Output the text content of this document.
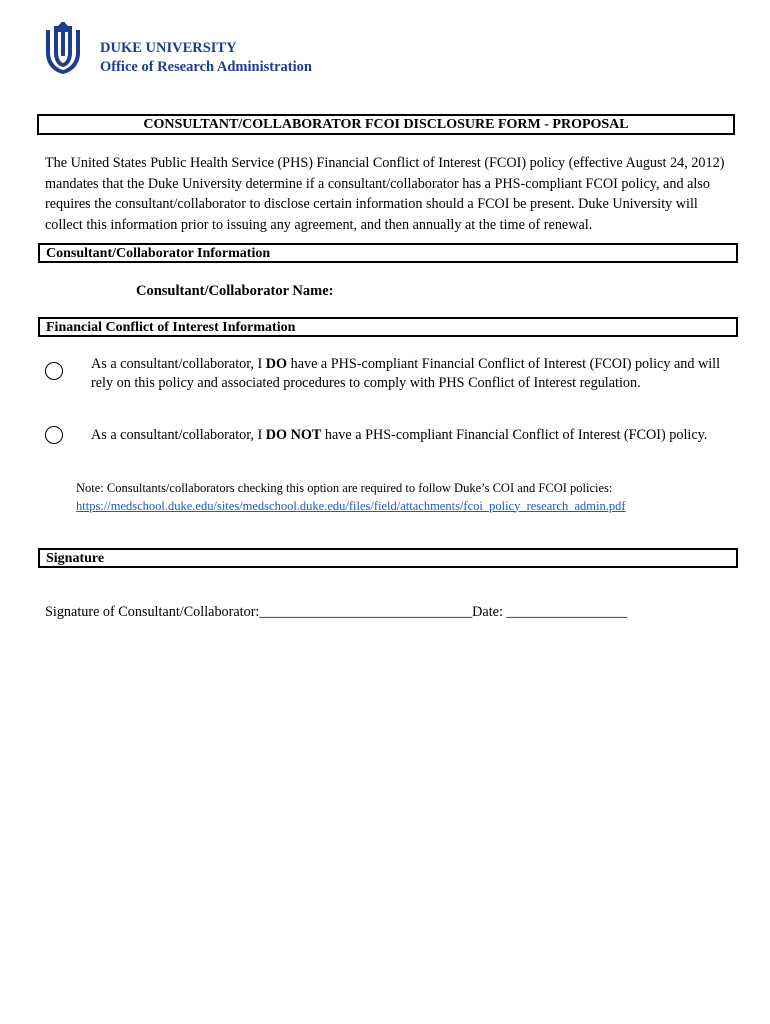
DUKE UNIVERSITY
Office of Research Administration
CONSULTANT/COLLABORATOR FCOI DISCLOSURE FORM - PROPOSAL
The United States Public Health Service (PHS) Financial Conflict of Interest (FCOI) policy (effective August 24, 2012) mandates that the Duke University determine if a consultant/collaborator has a PHS-compliant FCOI policy, and also requires the consultant/collaborator to disclose certain information should a FCOI be present. Duke University will collect this information prior to issuing any agreement, and then annually at the time of renewal.
Consultant/Collaborator Information
Consultant/Collaborator Name:
Financial Conflict of Interest Information
As a consultant/collaborator, I DO have a PHS-compliant Financial Conflict of Interest (FCOI) policy and will rely on this policy and associated procedures to comply with PHS Conflict of Interest regulation.
As a consultant/collaborator, I DO NOT have a PHS-compliant Financial Conflict of Interest (FCOI) policy.
Note: Consultants/collaborators checking this option are required to follow Duke’s COI and FCOI policies:
https://medschool.duke.edu/sites/medschool.duke.edu/files/field/attachments/fcoi_policy_research_admin.pdf
Signature
Signature of Consultant/Collaborator:______________________________Date: _________________
